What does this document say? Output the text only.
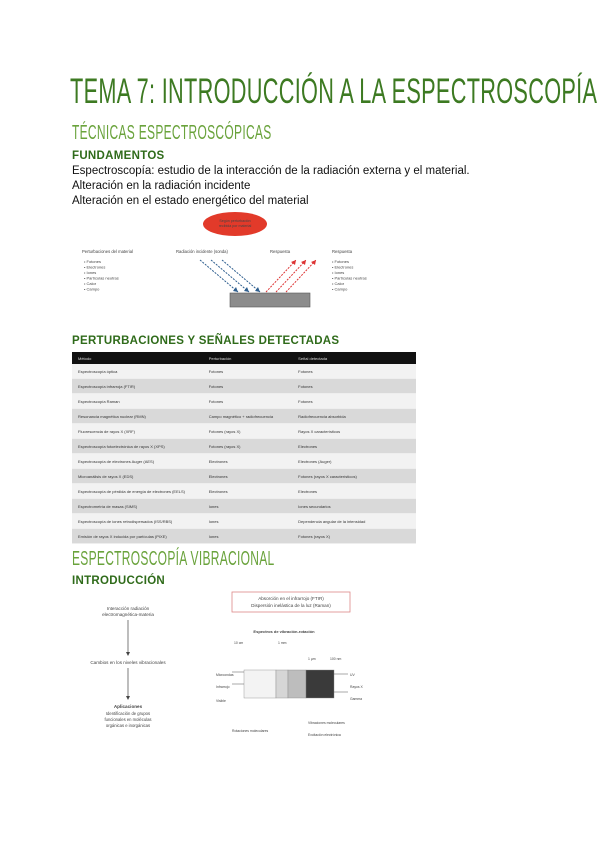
TEMA 7: INTRODUCCIÓN A LA ESPECTROSCOPÍA
TÉCNICAS ESPECTROSCÓPICAS
FUNDAMENTOS
Espectroscopía: estudio de la interacción de la radiación externa y el material.
Alteración en la radiación incidente
Alteración en el estado energético del material
Según perturbación
recibida por material
Perturbaciones del material
• Fotones
• Electrones
• Iones
• Partículas neutras
• Calor
• Campo
Radiación incidente (sonda)	Respuesta	Respuesta
• Fotones
• Electrones
• Iones
• Partículas neutras
• Calor
• Campo
PERTURBACIONES Y SEÑALES DETECTADAS
Método	Perturbación	Señal detectada
Espectroscopía óptica	Fotones	Fotones
Espectroscopía infrarroja (FTIR)	Fotones	Fotones
Espectroscopía Raman	Fotones	Fotones
Resonancia magnética nuclear (RMN)	Campo magnético + radiofrecuencia	Radiofrecuencia absorbida
Fluorescencia de rayos X (XRF)	Fotones (rayos X)	Rayos X característicos
Espectroscopía fotoelectrónica de rayos X (XPS)	Fotones (rayos X)	Electrones
Espectroscopía de electrones Auger (AES)	Electrones	Electrones (Auger)
Microanálisis de rayos X (EDS)	Electrones	Fotones (rayos X característicos)
Espectroscopía de pérdida de energía de electrones (EELS)	Electrones	Electrones
Espectrometría de masas (SIMS)	Iones	Iones secundarios
Espectroscopía de iones retrodispersados (ISS/RBS)	Iones	Dependencia angular de la intensidad
Emisión de rayos X inducida por partículas (PIXE)	Iones	Fotones (rayos X)
ESPECTROSCOPÍA VIBRACIONAL
INTRODUCCIÓN
Interacción radiación
electromagnética-materia
Cambios en los niveles vibracionales
Aplicaciones
Identificación de grupos
funcionales en moléculas
orgánicas e inorgánicas
Absorción en el infrarrojo (FTIR)
Dispersión inelástica de la luz (Raman)
Espectros de vibración-rotación
10 cm	1 mm
1 µm	100 nm
Microondas
Infrarrojo
Visible
UV
Rayos X
Gamma
Rotaciones moleculares
Vibraciones moleculares
Excitación electrónica
